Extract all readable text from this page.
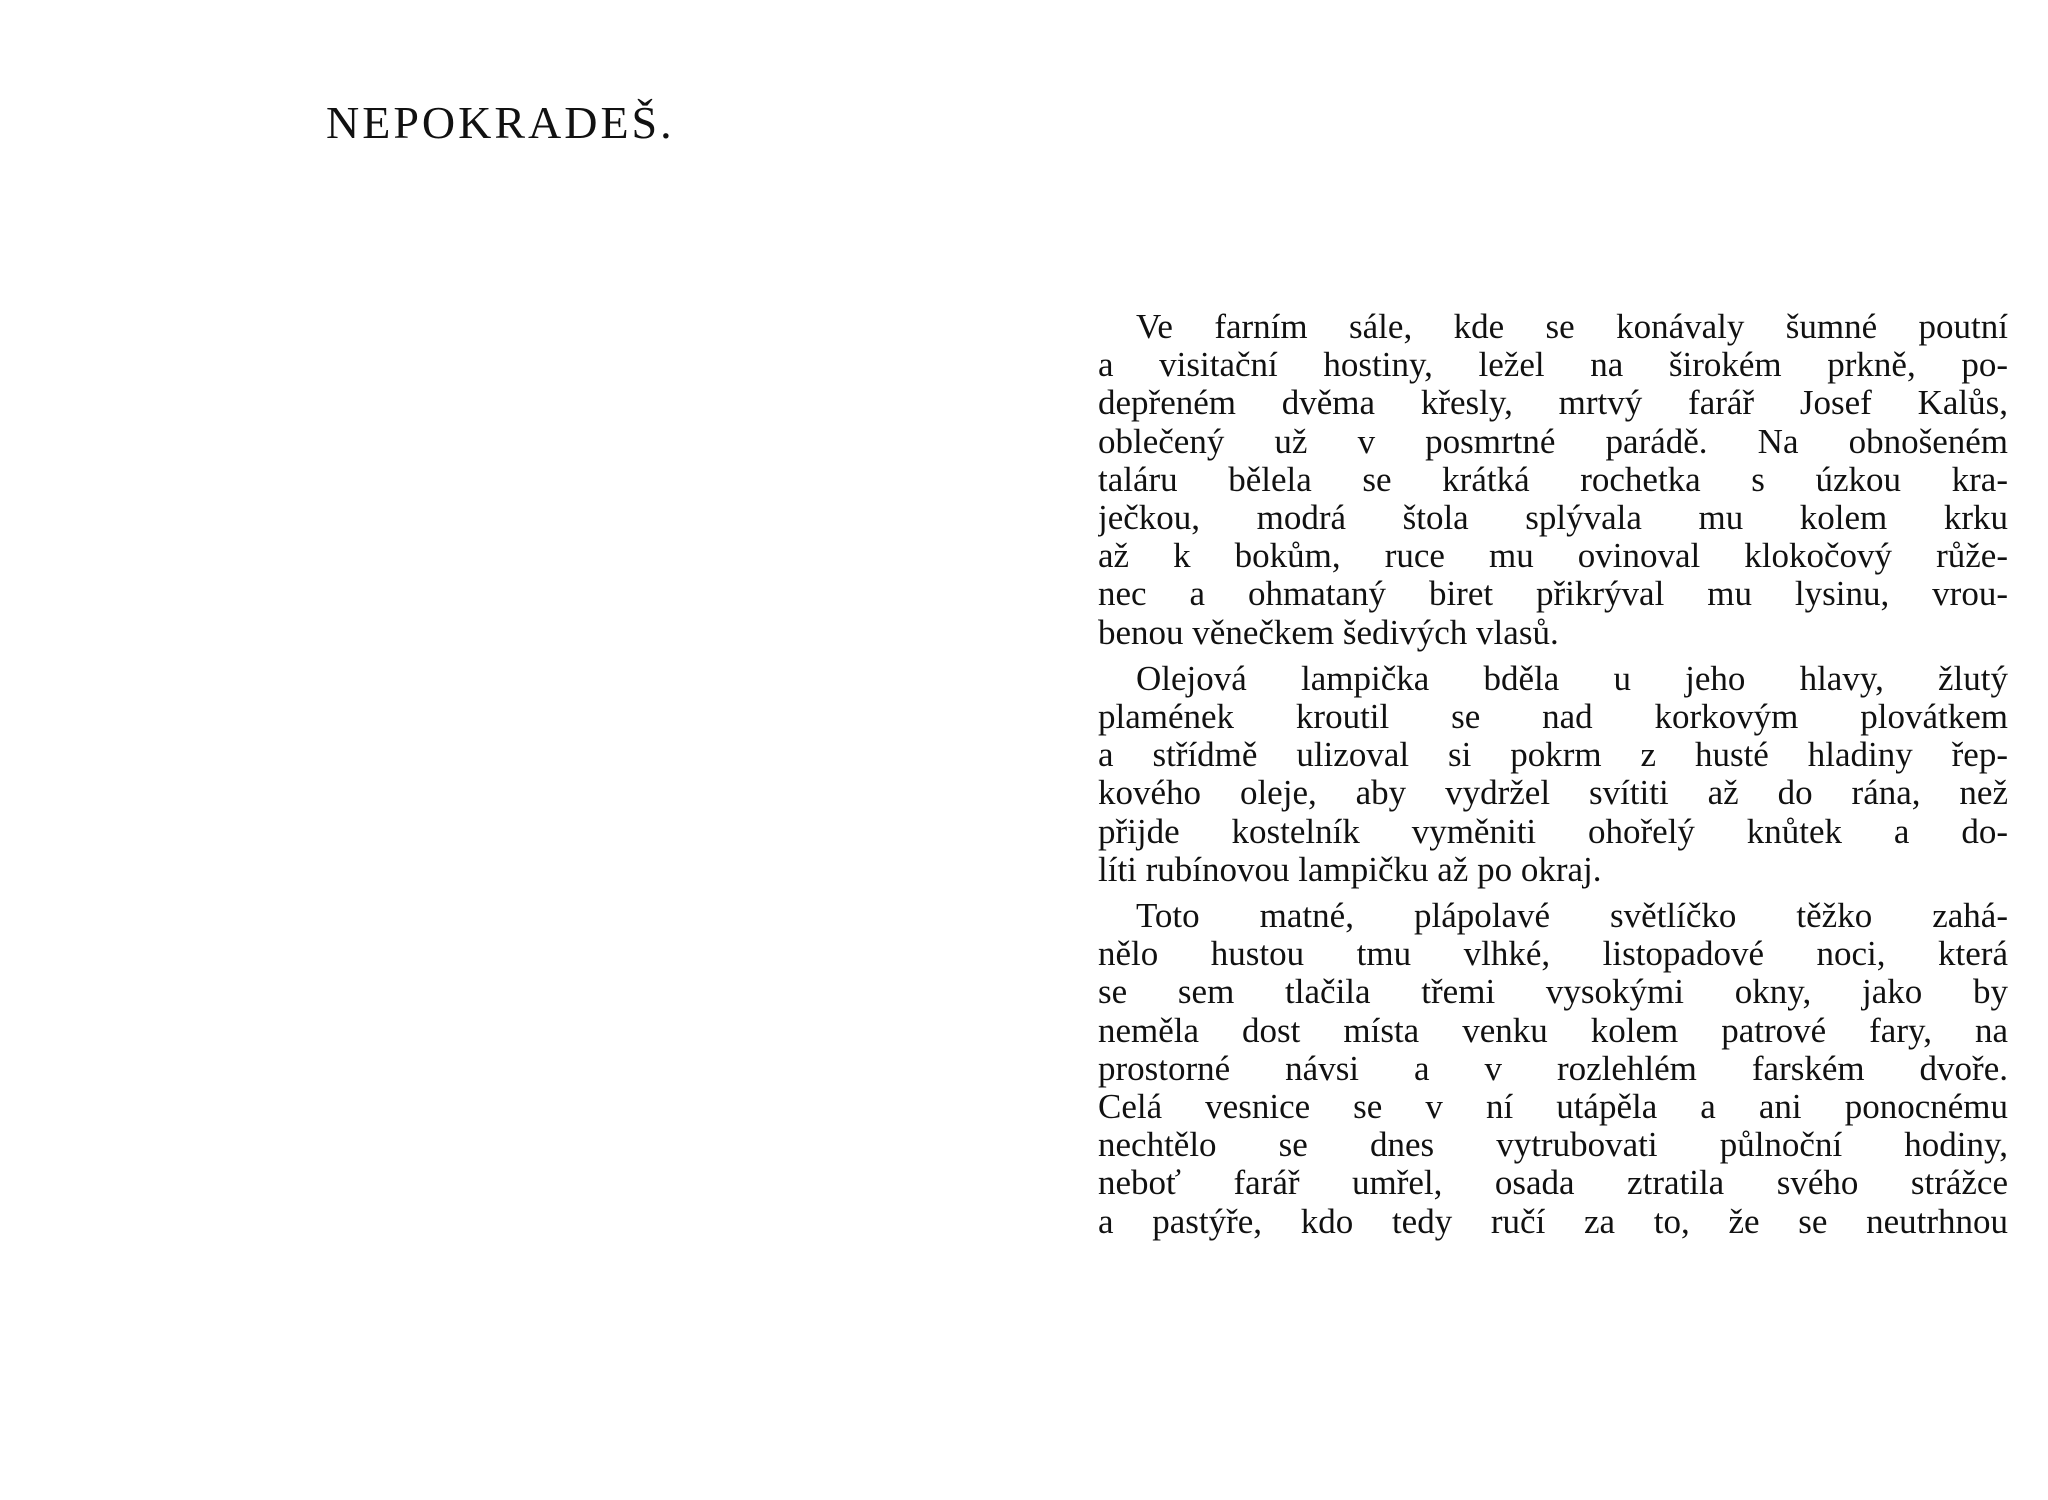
NEPOKRADEŠ.
Ve farním sále, kde se konávaly šumné poutní
a visitační hostiny, ležel na širokém prkně, po-
depřeném dvěma křesly, mrtvý farář Josef Kalůs,
oblečený už v posmrtné parádě. Na obnošeném
taláru bělela se krátká rochetka s úzkou kra-
ječkou, modrá štola splývala mu kolem krku
až k bokům, ruce mu ovinoval klokočový růže-
nec a ohmataný biret přikrýval mu lysinu, vrou-
benou věnečkem šedivých vlasů.
Olejová lampička bděla u jeho hlavy, žlutý
plamének kroutil se nad korkovým plovátkem
a střídmě ulizoval si pokrm z husté hladiny řep-
kového oleje, aby vydržel svítiti až do rána, než
přijde kostelník vyměniti ohořelý knůtek a do-
líti rubínovou lampičku až po okraj.
Toto matné, plápolavé světlíčko těžko zahá-
nělo hustou tmu vlhké, listopadové noci, která
se sem tlačila třemi vysokými okny, jako by
neměla dost místa venku kolem patrové fary, na
prostorné návsi a v rozlehlém farském dvoře.
Celá vesnice se v ní utápěla a ani ponocnému
nechtělo se dnes vytrubovati půlnoční hodiny,
neboť farář umřel, osada ztratila svého strážce
a pastýře, kdo tedy ručí za to, že se neutrhnou
